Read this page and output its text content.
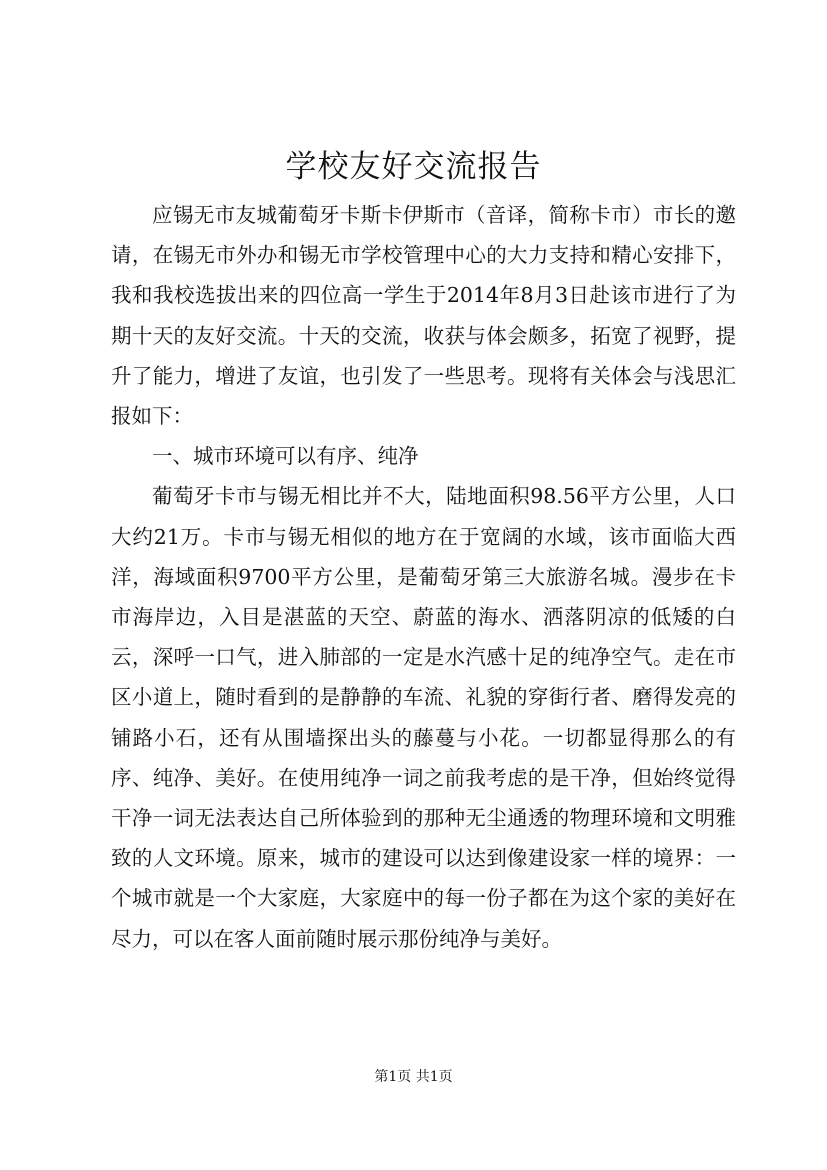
学校友好交流报告

应锡无市友城葡萄牙卡斯卡伊斯市（音译，简称卡市）市长的邀请，在锡无市外办和锡无市学校管理中心的大力支持和精心安排下，我和我校选拔出来的四位高一学生于2014年8月3日赴该市进行了为期十天的友好交流。十天的交流，收获与体会颇多，拓宽了视野，提升了能力，增进了友谊，也引发了一些思考。现将有关体会与浅思汇报如下：

一、城市环境可以有序、纯净

葡萄牙卡市与锡无相比并不大，陆地面积98.56平方公里，人口大约21万。卡市与锡无相似的地方在于宽阔的水域，该市面临大西洋，海域面积9700平方公里，是葡萄牙第三大旅游名城。漫步在卡市海岸边，入目是湛蓝的天空、蔚蓝的海水、洒落阴凉的低矮的白云，深呼一口气，进入肺部的一定是水汽感十足的纯净空气。走在市区小道上，随时看到的是静静的车流、礼貌的穿街行者、磨得发亮的铺路小石，还有从围墙探出头的藤蔓与小花。一切都显得那么的有序、纯净、美好。在使用纯净一词之前我考虑的是干净，但始终觉得干净一词无法表达自己所体验到的那种无尘通透的物理环境和文明雅致的人文环境。原来，城市的建设可以达到像建设家一样的境界：一个城市就是一个大家庭，大家庭中的每一份子都在为这个家的美好在尽力，可以在客人面前随时展示那份纯净与美好。

第1页 共1页
